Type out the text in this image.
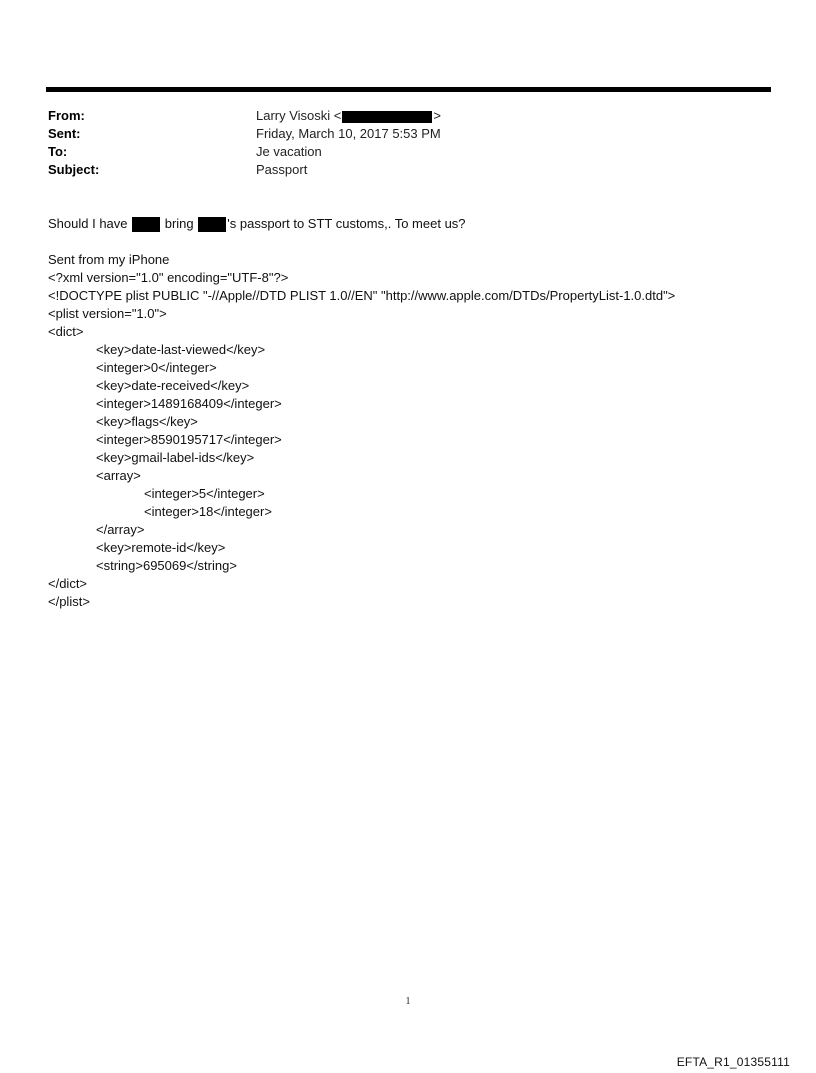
From:	Larry Visoski <	>
Sent:	Friday, March 10, 2017 5:53 PM
To:	Je vacation
Subject:	Passport
Should I have  bring 's passport to STT customs,. To meet us?
Sent from my iPhone
<?xml version="1.0" encoding="UTF-8"?>
<!DOCTYPE plist PUBLIC "-//Apple//DTD PLIST 1.0//EN" "http://www.apple.com/DTDs/PropertyList-1.0.dtd">
<plist version="1.0">
<dict>
<key>date-last-viewed</key>
<integer>0</integer>
<key>date-received</key>
<integer>1489168409</integer>
<key>flags</key>
<integer>8590195717</integer>
<key>gmail-label-ids</key>
<array>
<integer>5</integer>
<integer>18</integer>
</array>
<key>remote-id</key>
<string>695069</string>
</dict>
</plist>
1
EFTA_R1_01355111
